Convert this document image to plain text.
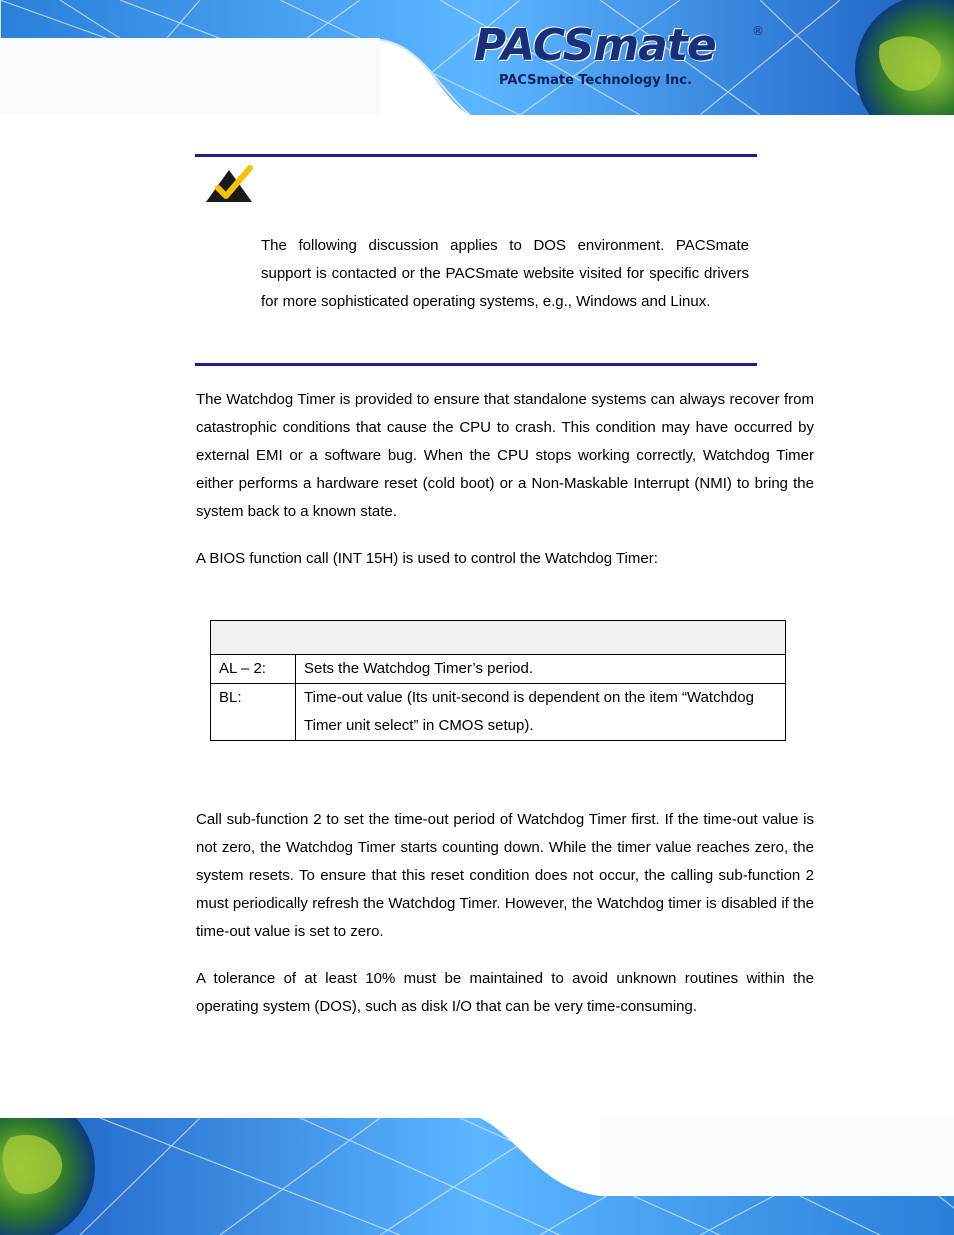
PACSmate	®
PACSmate Technology Inc.

The following discussion applies to DOS environment. PACSmate support is contacted or the PACSmate website visited for specific drivers for more sophisticated operating systems, e.g., Windows and Linux.

The Watchdog Timer is provided to ensure that standalone systems can always recover from catastrophic conditions that cause the CPU to crash. This condition may have occurred by external EMI or a software bug. When the CPU stops working correctly, Watchdog Timer either performs a hardware reset (cold boot) or a Non-Maskable Interrupt (NMI) to bring the system back to a known state.

A BIOS function call (INT 15H) is used to control the Watchdog Timer:

AL – 2:	Sets the Watchdog Timer’s period.
BL:	Time-out value (Its unit-second is dependent on the item “Watchdog Timer unit select” in CMOS setup).

Call sub-function 2 to set the time-out period of Watchdog Timer first. If the time-out value is not zero, the Watchdog Timer starts counting down. While the timer value reaches zero, the system resets. To ensure that this reset condition does not occur, the calling sub-function 2 must periodically refresh the Watchdog Timer. However, the Watchdog timer is disabled if the time-out value is set to zero.

A tolerance of at least 10% must be maintained to avoid unknown routines within the operating system (DOS), such as disk I/O that can be very time-consuming.
